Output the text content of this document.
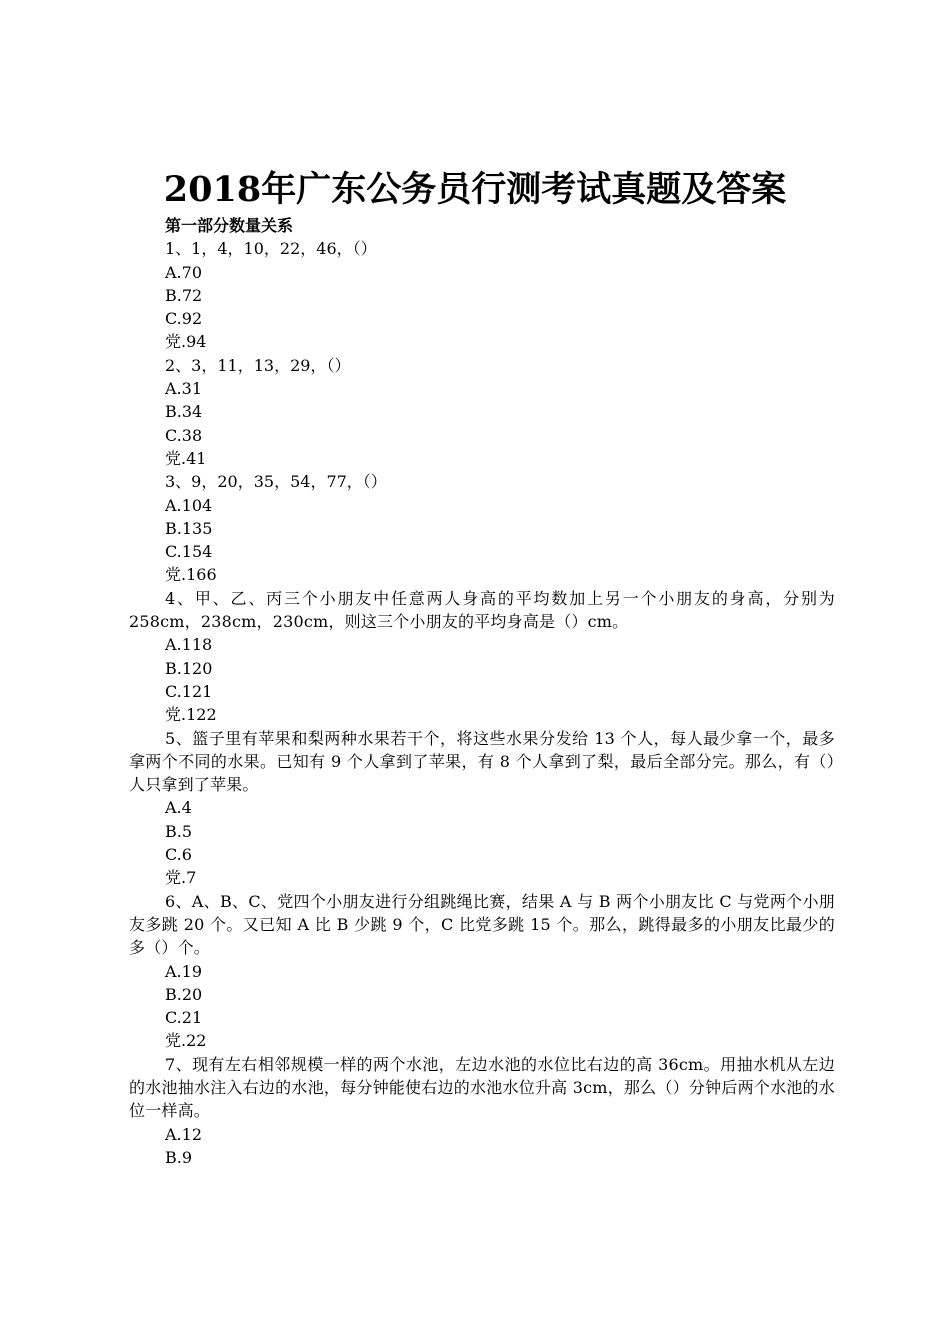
2018年广东公务员行测考试真题及答案
第一部分数量关系
1、1，4，10，22，46，（）
A.70
B.72
C.92
党.94
2、3，11，13，29，（）
A.31
B.34
C.38
党.41
3、9，20，35，54，77，（）
A.104
B.135
C.154
党.166
4、甲、乙、丙三个小朋友中任意两人身高的平均数加上另一个小朋友的身高，分别为258cm，238cm，230cm，则这三个小朋友的平均身高是（）cm。
A.118
B.120
C.121
党.122
5、篮子里有苹果和梨两种水果若干个，将这些水果分发给 13 个人，每人最少拿一个，最多拿两个不同的水果。已知有 9 个人拿到了苹果，有 8 个人拿到了梨，最后全部分完。那么，有（）人只拿到了苹果。
A.4
B.5
C.6
党.7
6、A、B、C、党四个小朋友进行分组跳绳比赛，结果 A 与 B 两个小朋友比 C 与党两个小朋友多跳 20 个。又已知 A 比 B 少跳 9 个，C 比党多跳 15 个。那么，跳得最多的小朋友比最少的多（）个。
A.19
B.20
C.21
党.22
7、现有左右相邻规模一样的两个水池，左边水池的水位比右边的高 36cm。用抽水机从左边的水池抽水注入右边的水池，每分钟能使右边的水池水位升高 3cm，那么（）分钟后两个水池的水位一样高。
A.12
B.9
